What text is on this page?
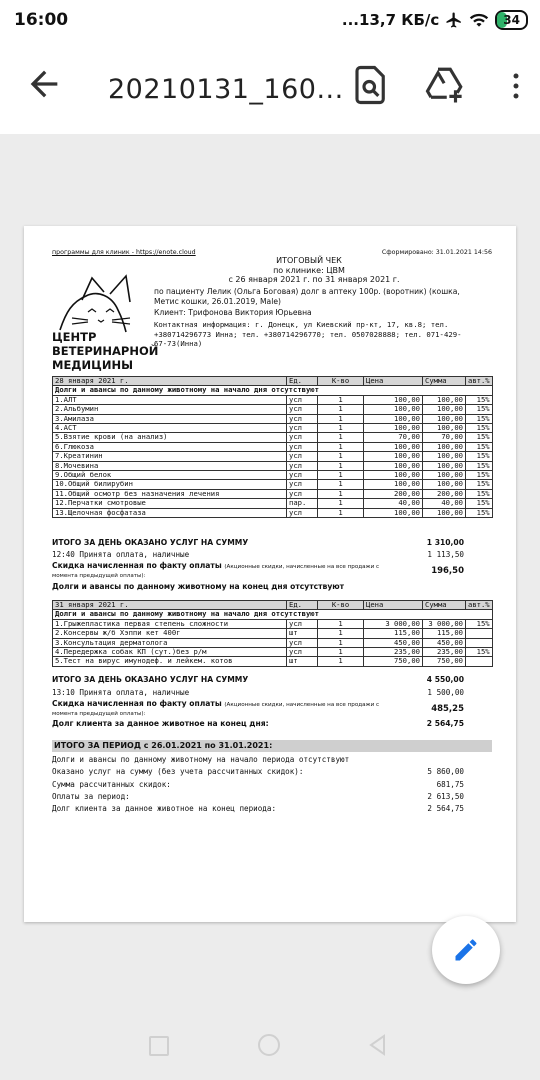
16:00	...13,7 КБ/с	34
20210131_160...
программы для клиник - https://enote.cloud	Сформировано: 31.01.2021 14:56
ИТОГОВЫЙ ЧЕК
по клинике: ЦВМ
с 26 января 2021 г. по 31 января 2021 г.
по пациенту Лелик (Ольга Боговая) долг в аптеку 100р. (воротник) (кошка,
Метис кошки, 26.01.2019, Male)
Клиент: Трифонова Виктория Юрьевна
Контактная информация: г. Донецк, ул Киевский пр-кт, 17, кв.8; тел.
+380714296773 Инна; тел. +380714296770; тел. 0507028888; тел. 071-429-
67-73(Инна)
ЦЕНТР
ВЕТЕРИНАРНОЙ
МЕДИЦИНЫ
28 января 2021 г.	Ед.	К-во	Цена	Сумма	авт.%
Долги и авансы по данному животному на начало дня отсутствуют					
1.АЛТ	усл	1	100,00	100,00	15%
2.Альбумин	усл	1	100,00	100,00	15%
3.Амилаза	усл	1	100,00	100,00	15%
4.АСТ	усл	1	100,00	100,00	15%
5.Взятие крови (на анализ)	усл	1	70,00	70,00	15%
6.Глюкоза	усл	1	100,00	100,00	15%
7.Креатинин	усл	1	100,00	100,00	15%
8.Мочевина	усл	1	100,00	100,00	15%
9.Общий белок	усл	1	100,00	100,00	15%
10.Общий билирубин	усл	1	100,00	100,00	15%
11.Общий осмотр без назначения лечения	усл	1	200,00	200,00	15%
12.Перчатки смотровые	пар.	1	40,00	40,00	15%
13.Щелочная фосфатаза	усл	1	100,00	100,00	15%
ИТОГО ЗА ДЕНЬ ОКАЗАНО УСЛУГ НА СУММУ	1 310,00
12:40 Принята оплата, наличные	1 113,50
Скидка начисленная по факту оплаты (Акционные скидки, начисленные на все продажи с момента предыдущей оплаты):	196,50
Долги и авансы по данному животному на конец дня отсутствуют
31 января 2021 г.	Ед.	К-во	Цена	Сумма	авт.%
Долги и авансы по данному животному на начало дня отсутствуют					
1.Грыжепластика первая степень сложности	усл	1	3 000,00	3 000,00	15%
2.Консервы ж/б Хэппи кет 400г	шт	1	115,00	115,00	
3.Консультация дерматолога	усл	1	450,00	450,00	
4.Передержка собак КП (сут.)без р/м	усл	1	235,00	235,00	15%
5.Тест на вирус имунодеф. и лейкем. котов	шт	1	750,00	750,00	
ИТОГО ЗА ДЕНЬ ОКАЗАНО УСЛУГ НА СУММУ	4 550,00
13:10 Принята оплата, наличные	1 500,00
Скидка начисленная по факту оплаты (Акционные скидки, начисленные на все продажи с момента предыдущей оплаты):	485,25
Долг клиента за данное животное на конец дня:	2 564,75
ИТОГО ЗА ПЕРИОД с 26.01.2021 по 31.01.2021:
Долги и авансы по данному животному на начало периода отсутствуют
Оказано услуг на сумму (без учета рассчитанных скидок):	5 860,00
Сумма рассчитанных скидок:	681,75
Оплаты за период:	2 613,50
Долг клиента за данное животное на конец периода:	2 564,75
